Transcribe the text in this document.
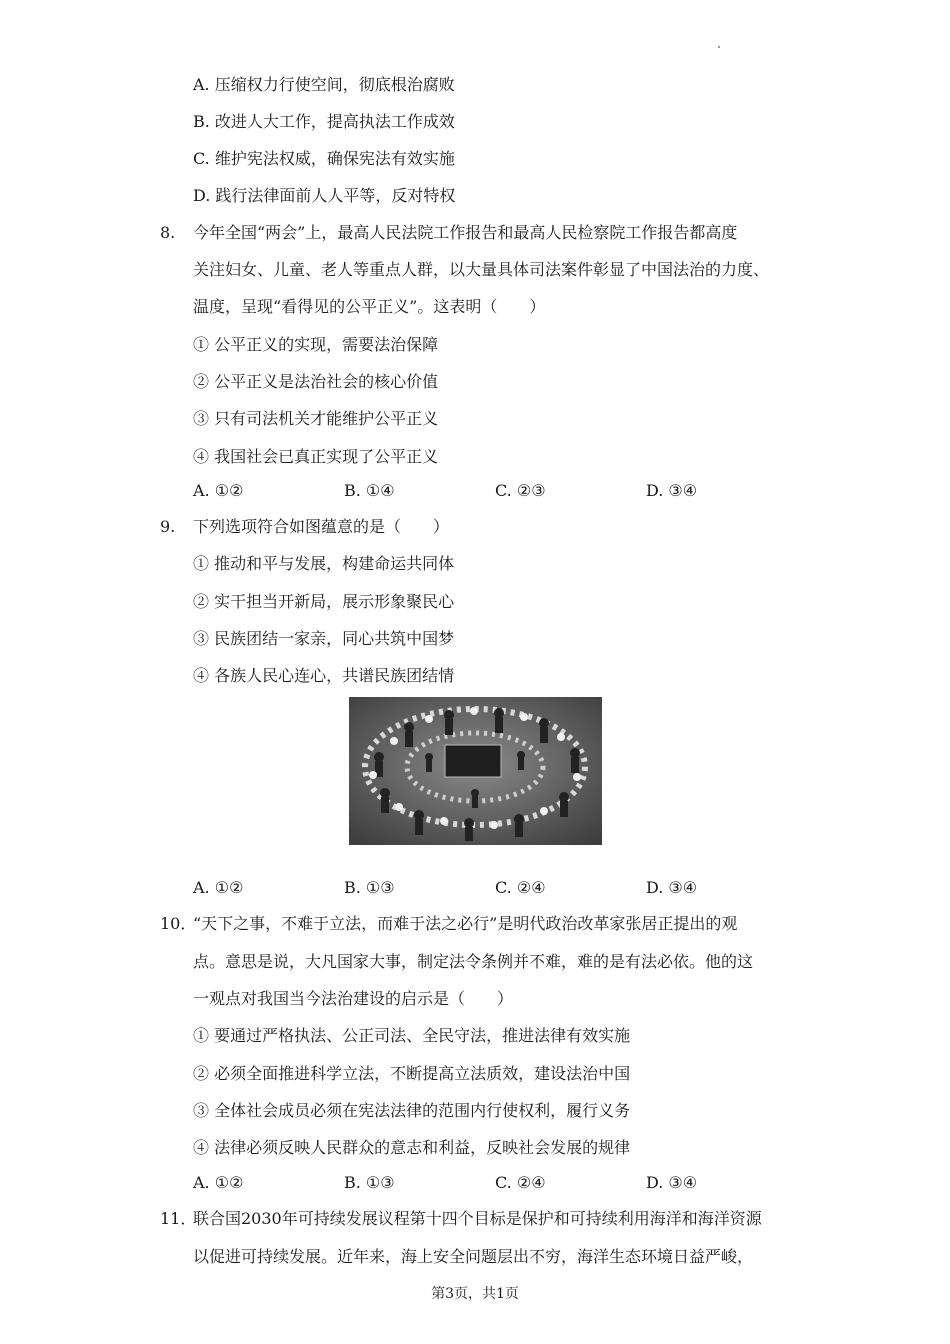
A. 压缩权力行使空间，彻底根治腐败
B. 改进人大工作，提高执法工作成效
C. 维护宪法权威，确保宪法有效实施
D. 践行法律面前人人平等，反对特权
8. 今年全国“两会”上，最高人民法院工作报告和最高人民检察院工作报告都高度
关注妇女、儿童、老人等重点人群，以大量具体司法案件彰显了中国法治的力度、
温度，呈现“看得见的公平正义”。这表明（　　）
① 公平正义的实现，需要法治保障
② 公平正义是法治社会的核心价值
③ 只有司法机关才能维护公平正义
④ 我国社会已真正实现了公平正义
A. ①②	B. ①④	C. ②③	D. ③④
9. 下列选项符合如图蕴意的是（　　）
① 推动和平与发展，构建命运共同体
② 实干担当开新局，展示形象聚民心
③ 民族团结一家亲，同心共筑中国梦
④ 各族人民心连心，共谱民族团结情
A. ①②	B. ①③	C. ②④	D. ③④
10．
“天下之事，不难于立法，而难于法之必行”是明代政治改革家张居正提出的观
点。意思是说，大凡国家大事，制定法令条例并不难，难的是有法必依。他的这
一观点对我国当今法治建设的启示是（　　）
① 要通过严格执法、公正司法、全民守法，推进法律有效实施
② 必须全面推进科学立法，不断提高立法质效，建设法治中国
③ 全体社会成员必须在宪法法律的范围内行使权利，履行义务
④ 法律必须反映人民群众的意志和利益，反映社会发展的规律
A. ①②	B. ①③	C. ②④	D. ③④
11．
联合国2030年可持续发展议程第十四个目标是保护和可持续利用海洋和海洋资源
以促进可持续发展。近年来，海上安全问题层出不穷，海洋生态环境日益严峻，
第3页，共1页
